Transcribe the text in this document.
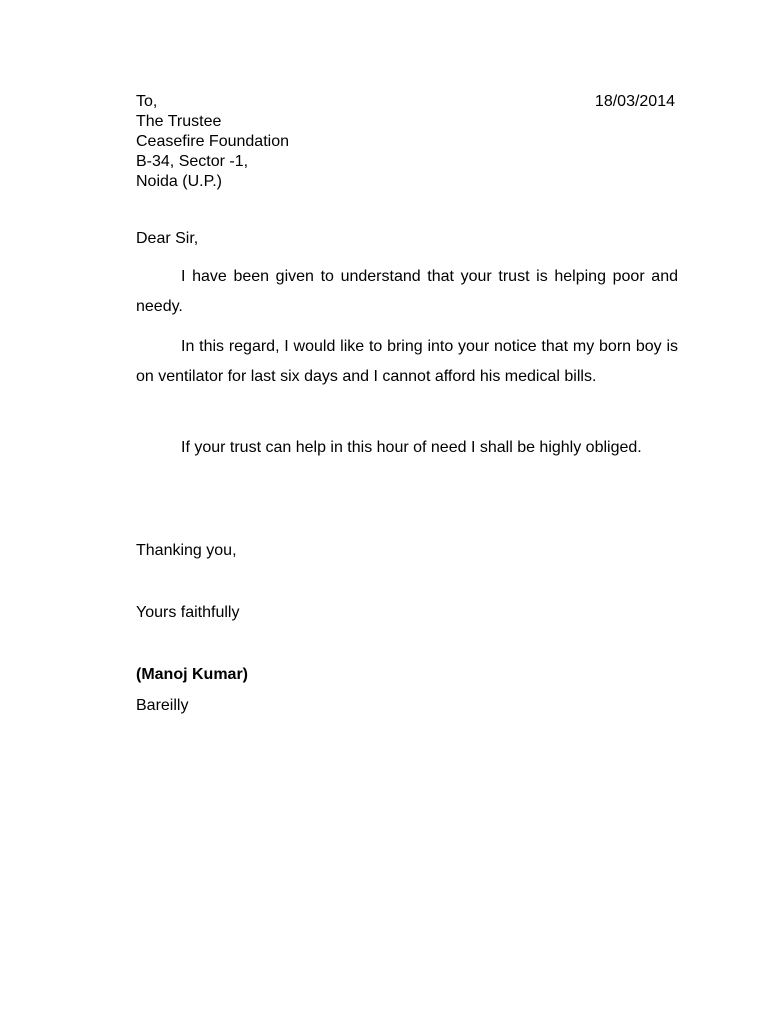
To,
The Trustee
Ceasefire Foundation
B-34, Sector -1,
Noida (U.P.)
18/03/2014
Dear Sir,

I have been given to understand that your trust is helping poor and needy.

In this regard, I would like to bring into your notice that my born boy is on ventilator for last six days and I cannot afford his medical bills.

If your trust can help in this hour of need I shall be highly obliged.

Thanking you,
Yours faithfully
(Manoj Kumar)
Bareilly
